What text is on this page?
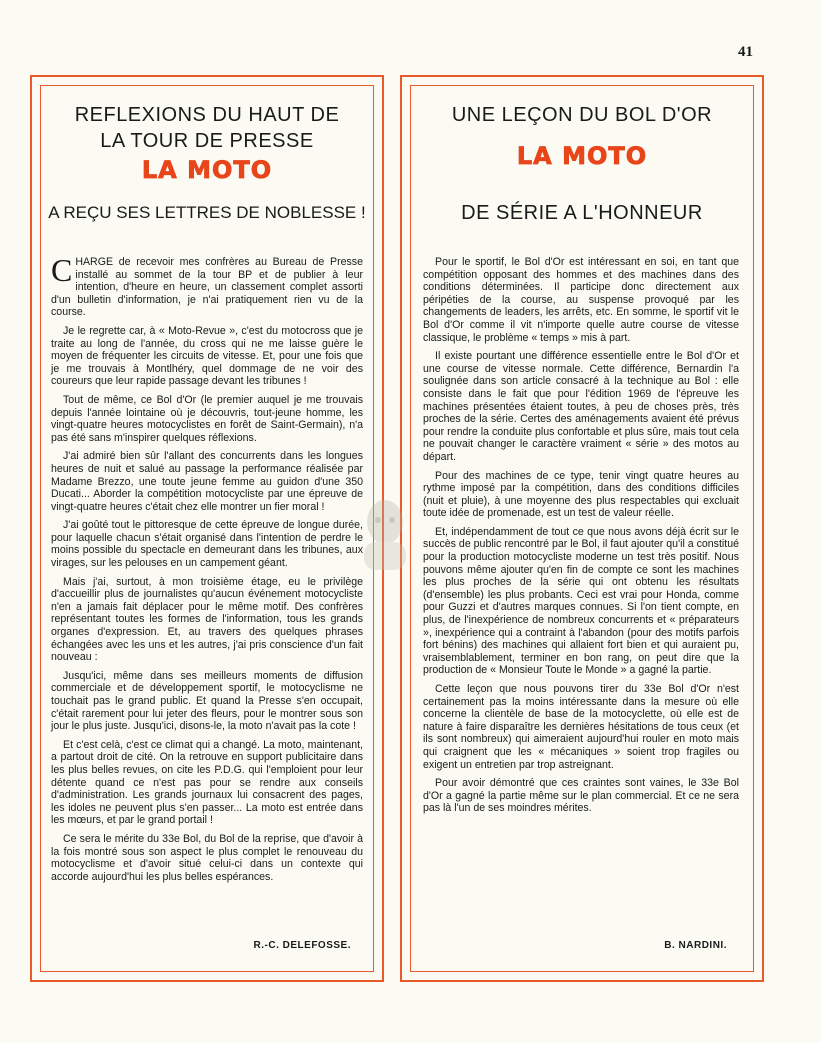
41
REFLEXIONS DU HAUT DE
LA TOUR DE PRESSE
LA MOTO
A REÇU SES LETTRES DE NOBLESSE !

CHARGE de recevoir mes confrères au Bureau de Presse installé au sommet de la tour BP et de publier à leur intention, d'heure en heure, un classement complet assorti d'un bulletin d'information, je n'ai pratiquement rien vu de la course.

Je le regrette car, à « Moto-Revue », c'est du motocross que je traite au long de l'année, du cross qui ne me laisse guère le moyen de fréquenter les circuits de vitesse. Et, pour une fois que je me trouvais à Montlhéry, quel dommage de ne voir des coureurs que leur rapide passage devant les tribunes !

Tout de même, ce Bol d'Or (le premier auquel je me trouvais depuis l'année lointaine où je découvris, tout-jeune homme, les vingt-quatre heures motocyclistes en forêt de Saint-Germain), n'a pas été sans m'inspirer quelques réflexions.

J'ai admiré bien sûr l'allant des concurrents dans les longues heures de nuit et salué au passage la performance réalisée par Madame Brezzo, une toute jeune femme au guidon d'une 350 Ducati... Aborder la compétition motocycliste par une épreuve de vingt-quatre heures c'était chez elle montrer un fier moral !

J'ai goûté tout le pittoresque de cette épreuve de longue durée, pour laquelle chacun s'était organisé dans l'intention de perdre le moins possible du spectacle en demeurant dans les tribunes, aux virages, sur les pelouses en un campement géant.

Mais j'ai, surtout, à mon troisième étage, eu le privilège d'accueillir plus de journalistes qu'aucun événement motocycliste n'en a jamais fait déplacer pour le même motif. Des confrères représentant toutes les formes de l'information, tous les grands organes d'expression. Et, au travers des quelques phrases échangées avec les uns et les autres, j'ai pris conscience d'un fait nouveau :

Jusqu'ici, même dans ses meilleurs moments de diffusion commerciale et de développement sportif, le motocyclisme ne touchait pas le grand public. Et quand la Presse s'en occupait, c'était rarement pour lui jeter des fleurs, pour le montrer sous son jour le plus juste. Jusqu'ici, disons-le, la moto n'avait pas la cote !

Et c'est celà, c'est ce climat qui a changé. La moto, maintenant, a partout droit de cité. On la retrouve en support publicitaire dans les plus belles revues, on cite les P.D.G. qui l'emploient pour leur détente quand ce n'est pas pour se rendre aux conseils d'administration. Les grands journaux lui consacrent des pages, les idoles ne peuvent plus s'en passer... La moto est entrée dans les mœurs, et par le grand portail !

Ce sera le mérite du 33e Bol, du Bol de la reprise, que d'avoir à la fois montré sous son aspect le plus complet le renouveau du motocyclisme et d'avoir situé celui-ci dans un contexte qui accorde aujourd'hui les plus belles espérances.

R.-C. DELEFOSSE.
UNE LEÇON DU BOL D'OR
LA MOTO
DE SÉRIE A L'HONNEUR

Pour le sportif, le Bol d'Or est intéressant en soi, en tant que compétition opposant des hommes et des machines dans des conditions déterminées. Il participe donc directement aux péripéties de la course, au suspense provoqué par les changements de leaders, les arrêts, etc. En somme, le sportif vit le Bol d'Or comme il vit n'importe quelle autre course de vitesse classique, le problème « temps » mis à part.

Il existe pourtant une différence essentielle entre le Bol d'Or et une course de vitesse normale. Cette différence, Bernardin l'a soulignée dans son article consacré à la technique au Bol : elle consiste dans le fait que pour l'édition 1969 de l'épreuve les machines présentées étaient toutes, à peu de choses près, très proches de la série. Certes des aménagements avaient été prévus pour rendre la conduite plus confortable et plus sûre, mais tout cela ne pouvait changer le caractère vraiment « série » des motos au départ.

Pour des machines de ce type, tenir vingt quatre heures au rythme imposé par la compétition, dans des conditions difficiles (nuit et pluie), à une moyenne des plus respectables qui excluait toute idée de promenade, est un test de valeur réelle.

Et, indépendamment de tout ce que nous avons déjà écrit sur le succès de public rencontré par le Bol, il faut ajouter qu'il a constitué pour la production motocycliste moderne un test très positif. Nous pouvons même ajouter qu'en fin de compte ce sont les machines les plus proches de la série qui ont obtenu les résultats (d'ensemble) les plus probants. Ceci est vrai pour Honda, comme pour Guzzi et d'autres marques connues. Si l'on tient compte, en plus, de l'inexpérience de nombreux concurrents et « préparateurs », inexpérience qui a contraint à l'abandon (pour des motifs parfois fort bénins) des machines qui allaient fort bien et qui auraient pu, vraisemblablement, terminer en bon rang, on peut dire que la production de « Monsieur Toute le Monde » a gagné la partie.

Cette leçon que nous pouvons tirer du 33e Bol d'Or n'est certainement pas la moins intéressante dans la mesure où elle concerne la clientèle de base de la motocyclette, où elle est de nature à faire disparaître les dernières hésitations de tous ceux (et ils sont nombreux) qui aimeraient aujourd'hui rouler en moto mais qui craignent que les « mécaniques » soient trop fragiles ou exigent un entretien par trop astreignant.

Pour avoir démontré que ces craintes sont vaines, le 33e Bol d'Or a gagné la partie même sur le plan commercial. Et ce ne sera pas là l'un de ses moindres mérites.

B. NARDINI.
